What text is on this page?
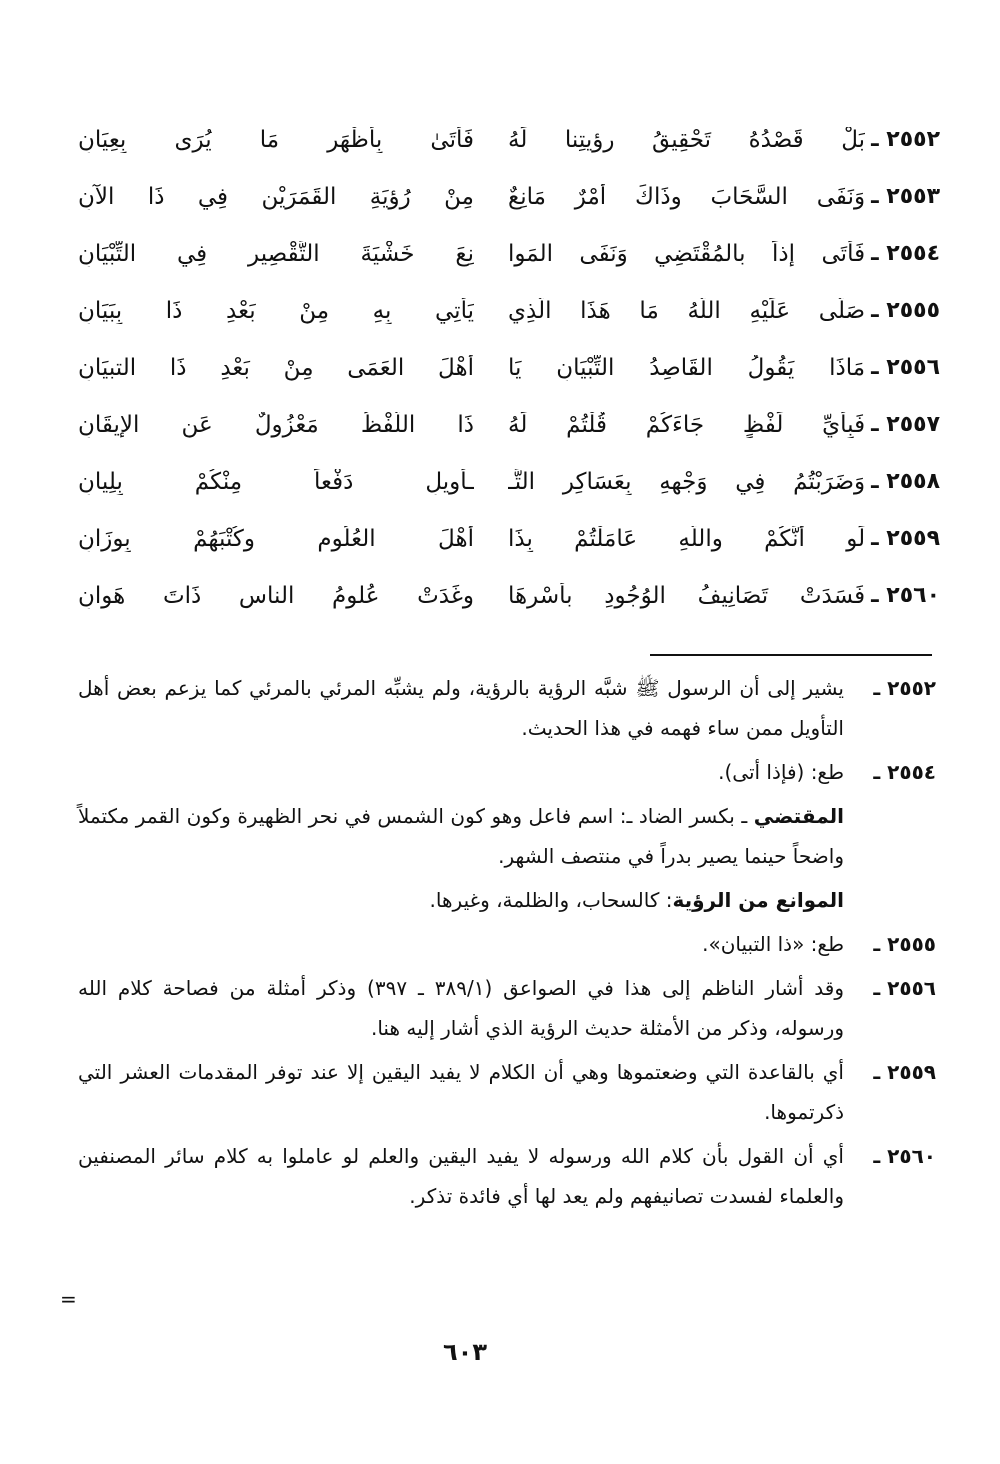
٢٥٥٢ ـ
بَلْ قَصْدُهُ تَحْقِيقُ رؤيتِنا لَهُ
فَأَتَىٰ بِأَظْهَرِ مَا يُرَى بِعِيَانِ
٢٥٥٣ ـ
وَنَفَى السَّحَابَ وذَاكَ أَمْرٌ مَانِعٌ
مِنْ رُؤيَةِ القَمَرَيْنِ فِي ذَا الآنِ
٢٥٥٤ ـ
فَأَتَى إذاً بالمُقْتَضِي وَنَفَى المَوا
نِعَ خَشْيَةَ التَّقْصِيرِ فِي التِّبْيَانِ
٢٥٥٥ ـ
صَلَّى عَلَيْهِ اللَّهُ مَا هَذَا الَّذِي
يَأْتِي بِهِ مِنْ بَعْدِ ذَا بِبَيَانِ
٢٥٥٦ ـ
مَاذَا يَقُولُ القَاصِدُ التِّبْيَانِ يَا
أَهْلَ العَمَى مِنْ بَعْدِ ذَا التبيَانِ
٢٥٥٧ ـ
فَبِأَيِّ لَفْظٍ جَاءَكُمْ قُلْتُمْ لَهُ
ذَا اللَّفْظُ مَعْزُولٌ عَنِ الإيقَانِ
٢٥٥٨ ـ
وَضَرَبْتُمُ فِي وَجْهِهِ بِعَسَاكِرِ التَّـ
ـأويلِ دَفْعاً مِنْكُمْ بِلِيانِ
٢٥٥٩ ـ
لَو أَنَّكُمْ واللَّهِ عَامَلْتُمْ بِذَا
أَهْلَ العُلُوم وكُتْبَهُمْ بِوِزَانِ
٢٥٦٠ ـ
فَسَدَتْ تَصَانِيفُ الوُجُودِ بأسْرِهَا
وغَدَتْ عُلومُ الناسِ ذَاتَ هَوانِ
٢٥٥٢ ـ
يشير إلى أن الرسول ﷺ شبَّه الرؤية بالرؤية، ولم يشبِّه المرئي بالمرئي كما يزعم بعض أهل التأويل ممن ساء فهمه في هذا الحديث.
٢٥٥٤ ـ
طع: (فإذا أتى).
المقتضي ـ بكسر الضاد ـ: اسم فاعل وهو كون الشمس في نحر الظهيرة وكون القمر مكتملاً واضحاً حينما يصير بدراً في منتصف الشهر.
الموانع من الرؤية: كالسحاب، والظلمة، وغيرها.
٢٥٥٥ ـ
طع: «ذا التبيان».
٢٥٥٦ ـ
وقد أشار الناظم إلى هذا في الصواعق (٣٨٩/١ ـ ٣٩٧) وذكر أمثلة من فصاحة كلام الله ورسوله، وذكر من الأمثلة حديث الرؤية الذي أشار إليه هنا.
٢٥٥٩ ـ
أي بالقاعدة التي وضعتموها وهي أن الكلام لا يفيد اليقين إلا عند توفر المقدمات العشر التي ذكرتموها.
٢٥٦٠ ـ
أي أن القول بأن كلام الله ورسوله لا يفيد اليقين والعلم لو عاملوا به كلام سائر المصنفين والعلماء لفسدت تصانيفهم ولم يعد لها أي فائدة تذكر.
=
٦٠٣
